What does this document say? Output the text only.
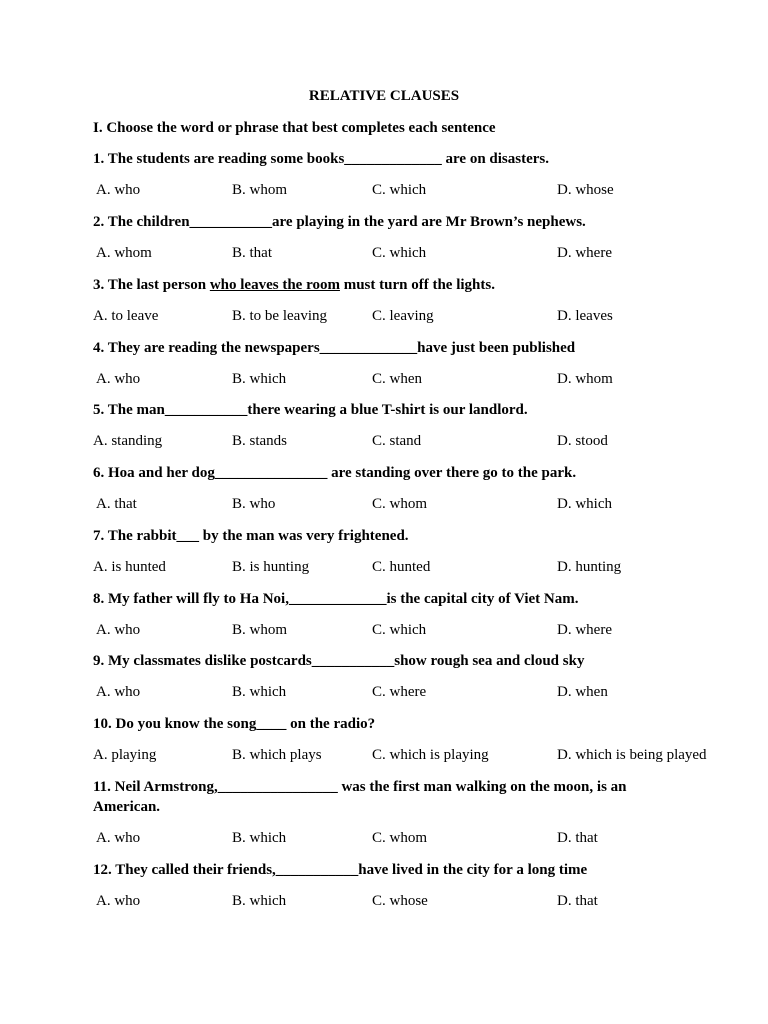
RELATIVE CLAUSES
I. Choose the word or phrase that best completes each sentence
1. The students are reading some books_____________ are on disasters.
A. who	B. whom	C. which	D. whose
2. The children___________are playing in the yard are Mr Brown’s nephews.
A. whom	B. that	C. which	D. where
3. The last person who leaves the room must turn off the lights.
A. to leave	B. to be leaving	C. leaving	D. leaves
4. They are reading the newspapers_____________have just been published
A. who	B. which	C. when	D. whom
5. The man___________there wearing a blue T-shirt is our landlord.
A. standing	B. stands	C. stand	D. stood
6. Hoa and her dog_______________ are standing over there go to the park.
A. that	B. who	C. whom	D. which
7. The rabbit___ by the man was very frightened.
A. is hunted	B. is hunting	C. hunted	D. hunting
8. My father will fly to Ha Noi,_____________is the capital city of Viet Nam.
A. who	B. whom	C. which	D. where
9. My classmates dislike postcards___________show rough sea and cloud sky
A. who	B. which	C. where	D. when
10. Do you know the song____ on the radio?
A. playing	B. which plays	C. which is playing	D. which is being played
11. Neil Armstrong,________________ was the first man walking on the moon, is an American.
A. who	B. which	C. whom	D. that
12. They called their friends,___________have lived in the city for a long time
A. who	B. which	C. whose	D. that
